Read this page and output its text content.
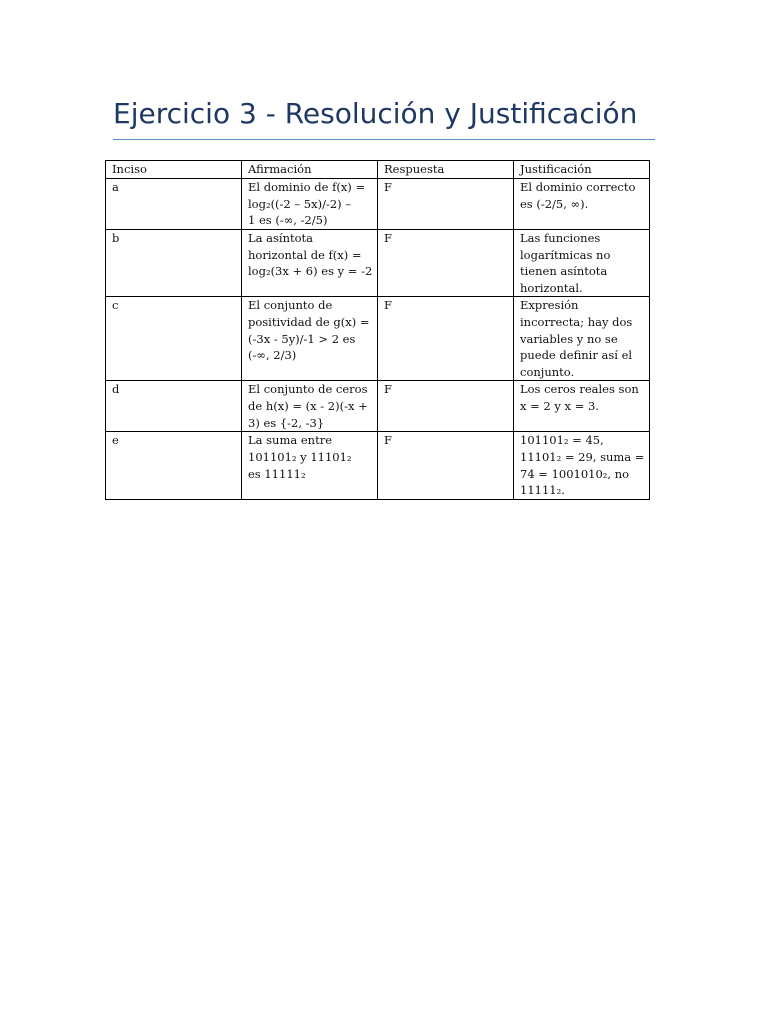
Ejercicio 3 - Resolución y Justificación
Inciso	Afirmación	Respuesta	Justificación
a	El dominio de f(x) =
log₂((-2 – 5x)/-2) –
1 es (-∞, -2/5)	F	El dominio correcto
es (-2/5, ∞).

b	La asíntota
horizontal de f(x) =
log₂(3x + 6) es y = -2	F	Las funciones
logarítmicas no
tienen asíntota
horizontal.

c	El conjunto de
positividad de g(x) =
(-3x - 5y)/-1 > 2 es
(-∞, 2/3)	F	Expresión
incorrecta; hay dos
variables y no se
puede definir así el
conjunto.

d	El conjunto de ceros
de h(x) = (x - 2)(-x +
3) es {-2, -3}	F	Los ceros reales son
x = 2 y x = 3.

e	La suma entre
101101₂ y 11101₂
es 11111₂	F	101101₂ = 45,
11101₂ = 29, suma =
74 = 1001010₂, no
11111₂.
